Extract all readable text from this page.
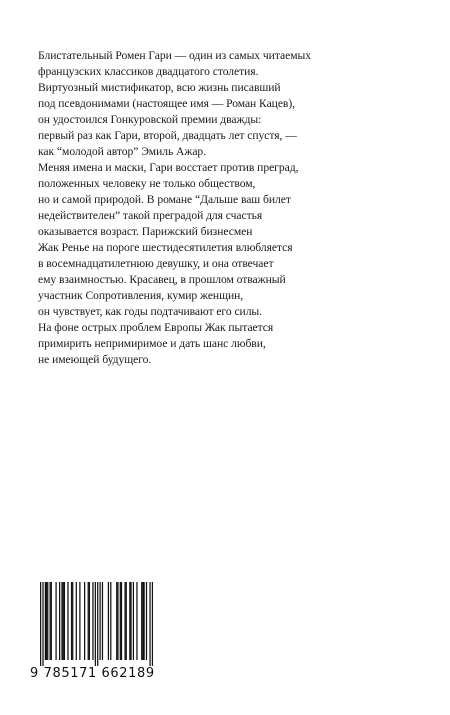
Блистательный Ромен Гари — один из самых читаемых
французских классиков двадцатого столетия.
Виртуозный мистификатор, всю жизнь писавший
под псевдонимами (настоящее имя — Роман Кацев),
он удостоился Гонкуровской премии дважды:
первый раз как Гари, второй, двадцать лет спустя, —
как “молодой автор” Эмиль Ажар.
Меняя имена и маски, Гари восстает против преград,
положенных человеку не только обществом,
но и самой природой. В романе “Дальше ваш билет
недействителен” такой преградой для счастья
оказывается возраст. Парижский бизнесмен
Жак Ренье на пороге шестидесятилетия влюбляется
в восемнадцатилетнюю девушку, и она отвечает
ему взаимностью. Красавец, в прошлом отважный
участник Сопротивления, кумир женщин,
он чувствует, как годы подтачивают его силы.
На фоне острых проблем Европы Жак пытается
примирить непримиримое и дать шанс любви,
не имеющей будущего.
9 785171 662189
